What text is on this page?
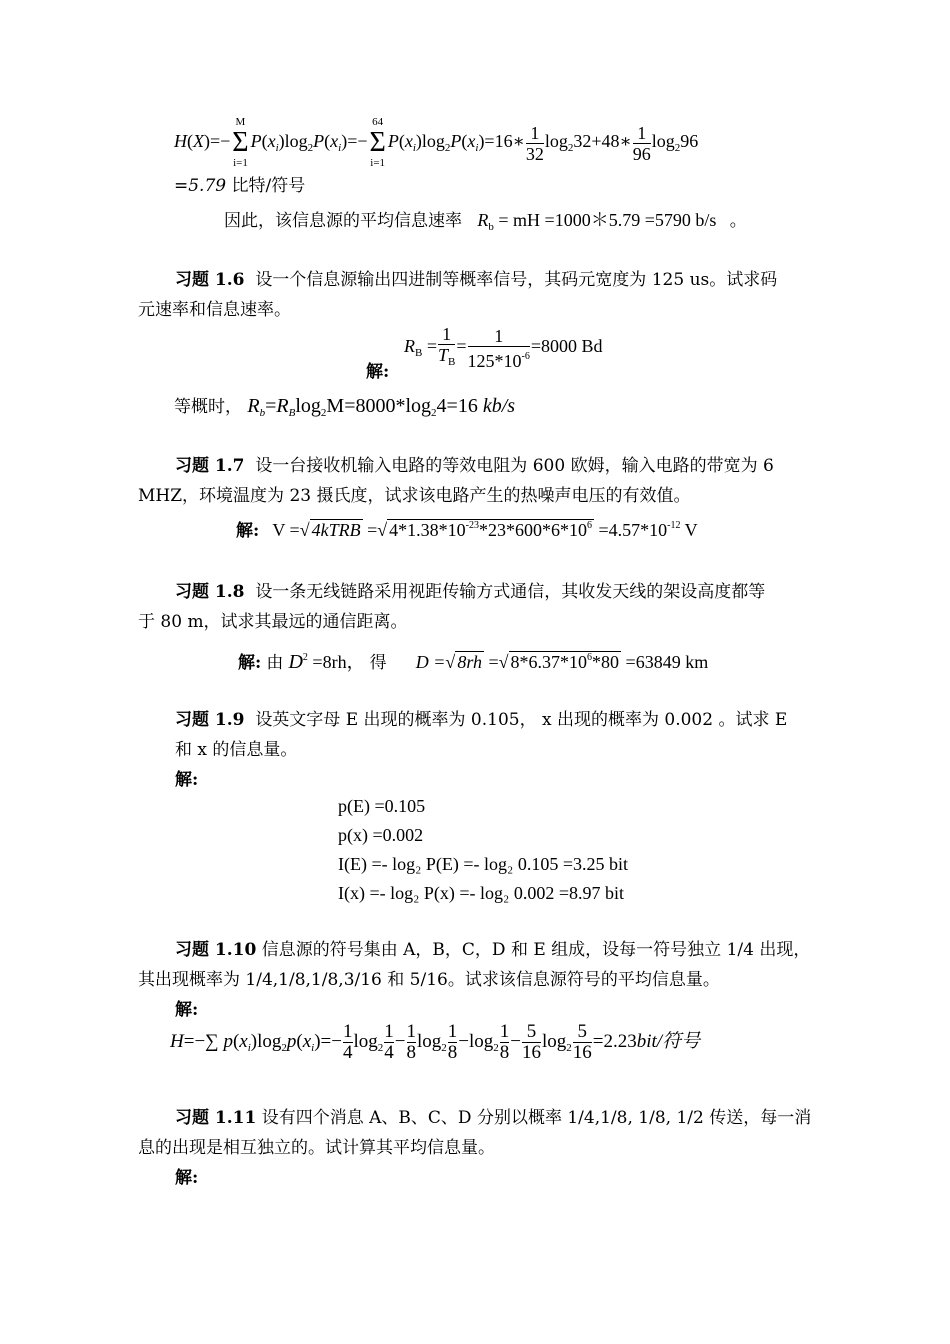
H(X)=−
M
Σ
i=1
$P(x_i)\log_2P(x_i)=-$
64
Σ
i=1
$P(x_i)\log_2P(x_i)=16∗ \frac{1}{32}$ $\log_232+48∗ \frac{1}{96} \log_296$
=5.79 比特/符号
因此，该信息源的平均信息速率 $R_b$ = mH =1000＊5.79 =5790 b/s 。
习题 1.6 设一个信息源输出四进制等概率信号，其码元宽度为 125 us。试求码
元速率和信息速率。
$R_B = \frac{1}{T_B} = \frac{1}{125*10^{-6}} =8000$ Bd
解:
等概时， $R_b=R_B\log_2M=8000*\log_24=16$ kb/s
习题 1.7 设一台接收机输入电路的等效电阻为 600 欧姆，输入电路的带宽为 6
MHZ，环境温度为 23 摄氏度，试求该电路产生的热噪声电压的有效值。
解: V =√ 4kTRB =√ $4*1.38*10^{-23}*23*600*6*10^6 =4.57*10^{-12}$ V
习题 1.8 设一条无线链路采用视距传输方式通信，其收发天线的架设高度都等
于 80 m，试求其最远的通信距离。
解: 由 $D^2 =8rh$， 得 D =√ 8rh =√ $8*6.37*10^6*80 =63849$ km
习题 1.9 设英文字母 E 出现的概率为 0.105， x 出现的概率为 0.002 。试求 E
和 x 的信息量。
解:
p(E) =0.105
p(x) =0.002
I(E) =- log₂ P(E) =- log₂ 0.105 =3.25 bit
I(x) =- log₂ P(x) =- log₂ 0.002 =8.97 bit
习题 1.10 信息源的符号集由 A，B，C，D 和 E 组成，设每一符号独立 1/4 出现，
其出现概率为 1/4,1/8,1/8,3/16 和 5/16。试求该信息源符号的平均信息量。
解:
H=−∑ $p(x_i)\log_2p(x_i)=- \frac{1}{4} \log_2 \frac{1}{4} - \frac{1}{8} \log_2 \frac{1}{8} -\log_2 \frac{1}{8} - \frac{5}{16} \log_2 \frac{5}{16} =2.23bit/$符号
习题 1.11 设有四个消息 A、B、C、D 分别以概率 1/4,1/8, 1/8, 1/2 传送，每一消
息的出现是相互独立的。试计算其平均信息量。
解:
